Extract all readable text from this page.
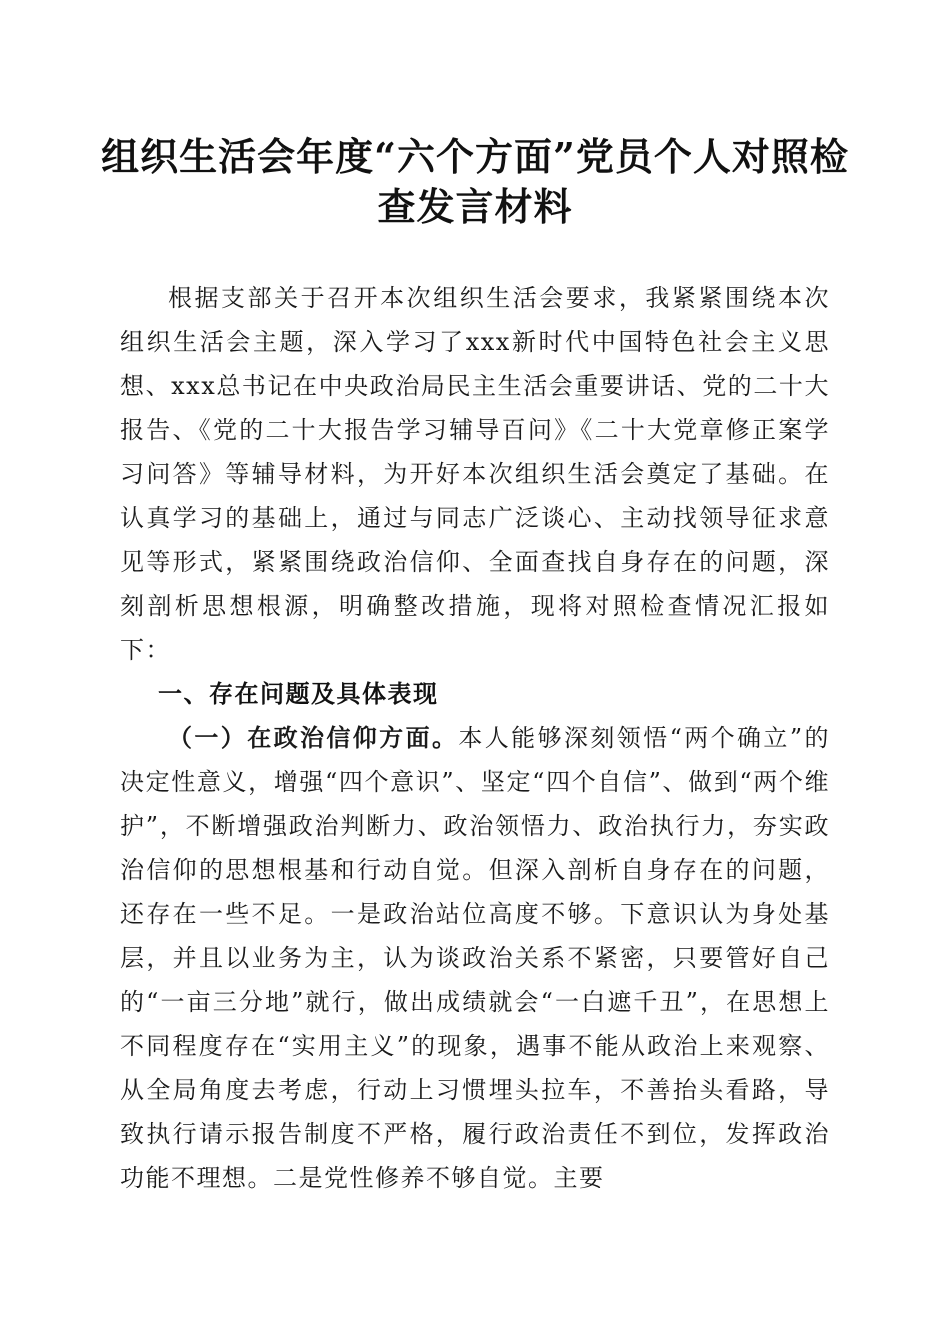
组织生活会年度“六个方面”党员个人对照检查发言材料

根据支部关于召开本次组织生活会要求，我紧紧围绕本次组织生活会主题，深入学习了xxx新时代中国特色社会主义思想、xxx总书记在中央政治局民主生活会重要讲话、党的二十大报告、《党的二十大报告学习辅导百问》《二十大党章修正案学习问答》等辅导材料，为开好本次组织生活会奠定了基础。在认真学习的基础上，通过与同志广泛谈心、主动找领导征求意见等形式，紧紧围绕政治信仰、全面查找自身存在的问题，深刻剖析思想根源，明确整改措施，现将对照检查情况汇报如下：

一、存在问题及具体表现

（一）在政治信仰方面。本人能够深刻领悟“两个确立”的决定性意义，增强“四个意识”、坚定“四个自信”、做到“两个维护”，不断增强政治判断力、政治领悟力、政治执行力，夯实政治信仰的思想根基和行动自觉。但深入剖析自身存在的问题，还存在一些不足。一是政治站位高度不够。下意识认为身处基层，并且以业务为主，认为谈政治关系不紧密，只要管好自己的“一亩三分地”就行，做出成绩就会“一白遮千丑”，在思想上不同程度存在“实用主义”的现象，遇事不能从政治上来观察、从全局角度去考虑，行动上习惯埋头拉车，不善抬头看路，导致执行请示报告制度不严格，履行政治责任不到位，发挥政治功能不理想。二是党性修养不够自觉。主要
